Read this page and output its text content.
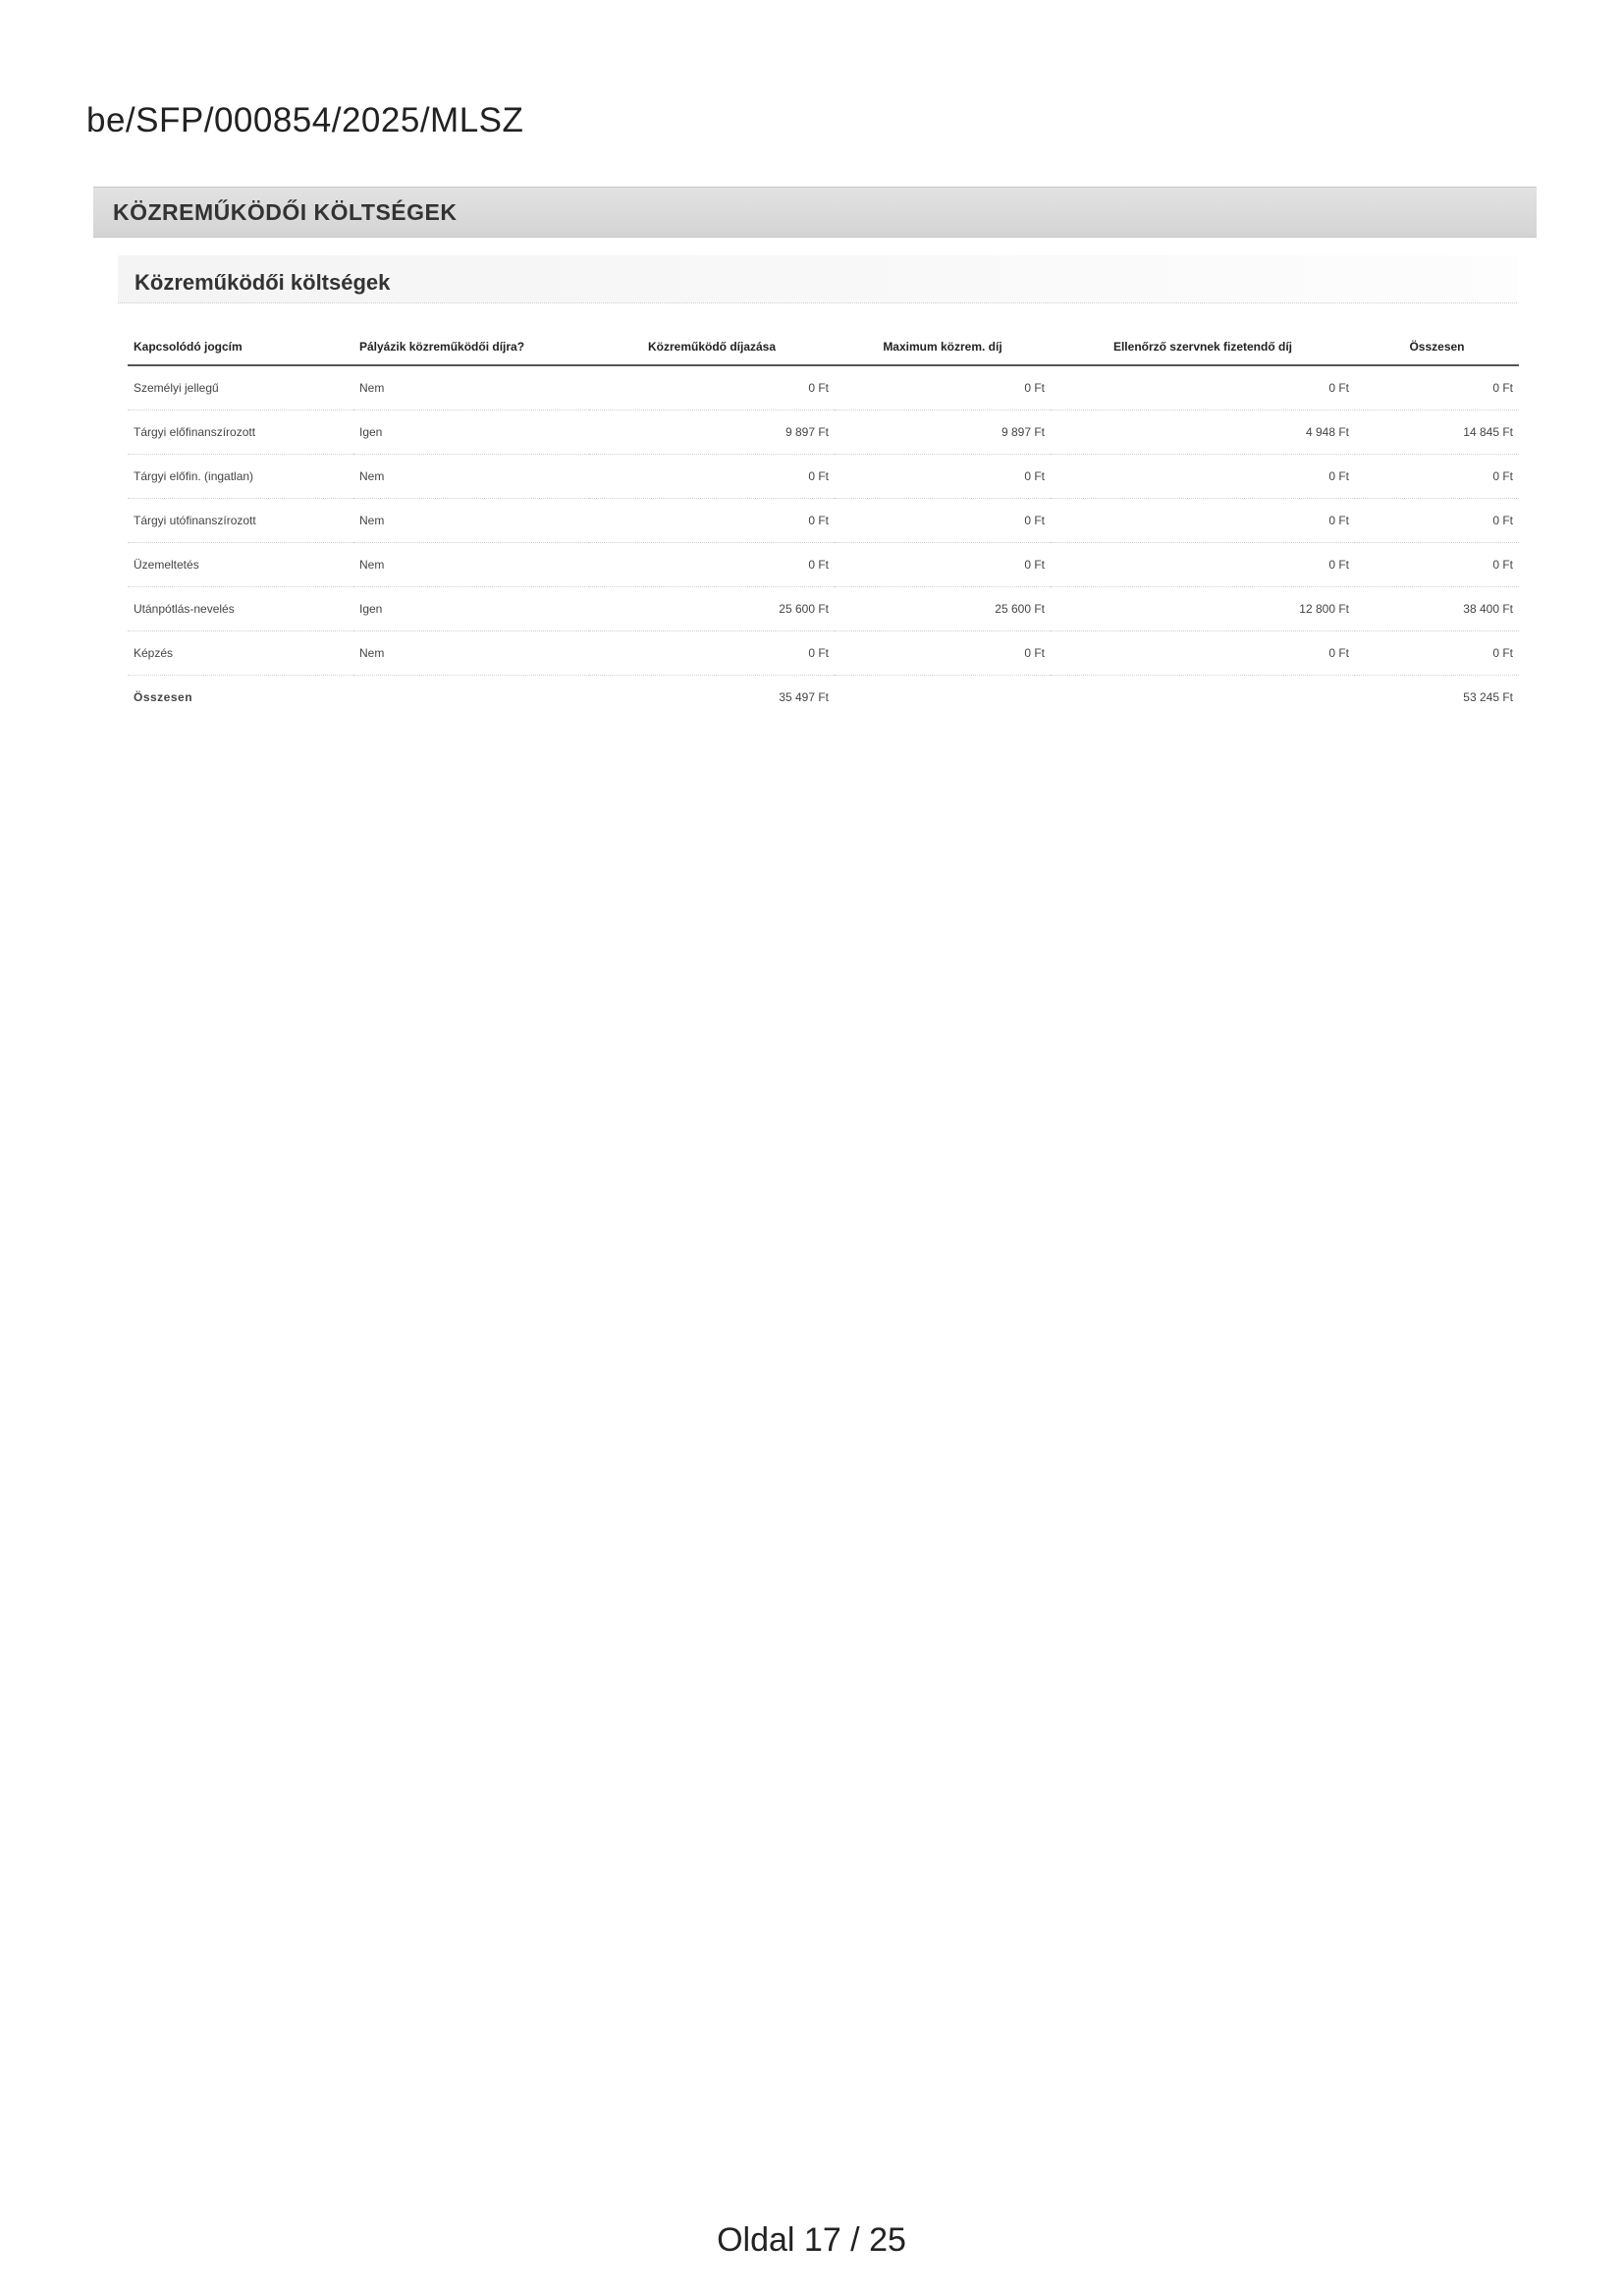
be/SFP/000854/2025/MLSZ
KÖZREMŰKÖDŐI KÖLTSÉGEK
Közreműködői költségek
Kapcsolódó jogcím	Pályázik közreműködői díjra?	Közreműködő díjazása	Maximum közrem. díj	Ellenőrző szervnek fizetendő díj	Összesen
Személyi jellegű	Nem	0 Ft	0 Ft	0 Ft	0 Ft
Tárgyi előfinanszírozott	Igen	9 897 Ft	9 897 Ft	4 948 Ft	14 845 Ft
Tárgyi előfin. (ingatlan)	Nem	0 Ft	0 Ft	0 Ft	0 Ft
Tárgyi utófinanszírozott	Nem	0 Ft	0 Ft	0 Ft	0 Ft
Üzemeltetés	Nem	0 Ft	0 Ft	0 Ft	0 Ft
Utánpótlás-nevelés	Igen	25 600 Ft	25 600 Ft	12 800 Ft	38 400 Ft
Képzés	Nem	0 Ft	0 Ft	0 Ft	0 Ft
Összesen		35 497 Ft			53 245 Ft
Oldal 17 / 25
